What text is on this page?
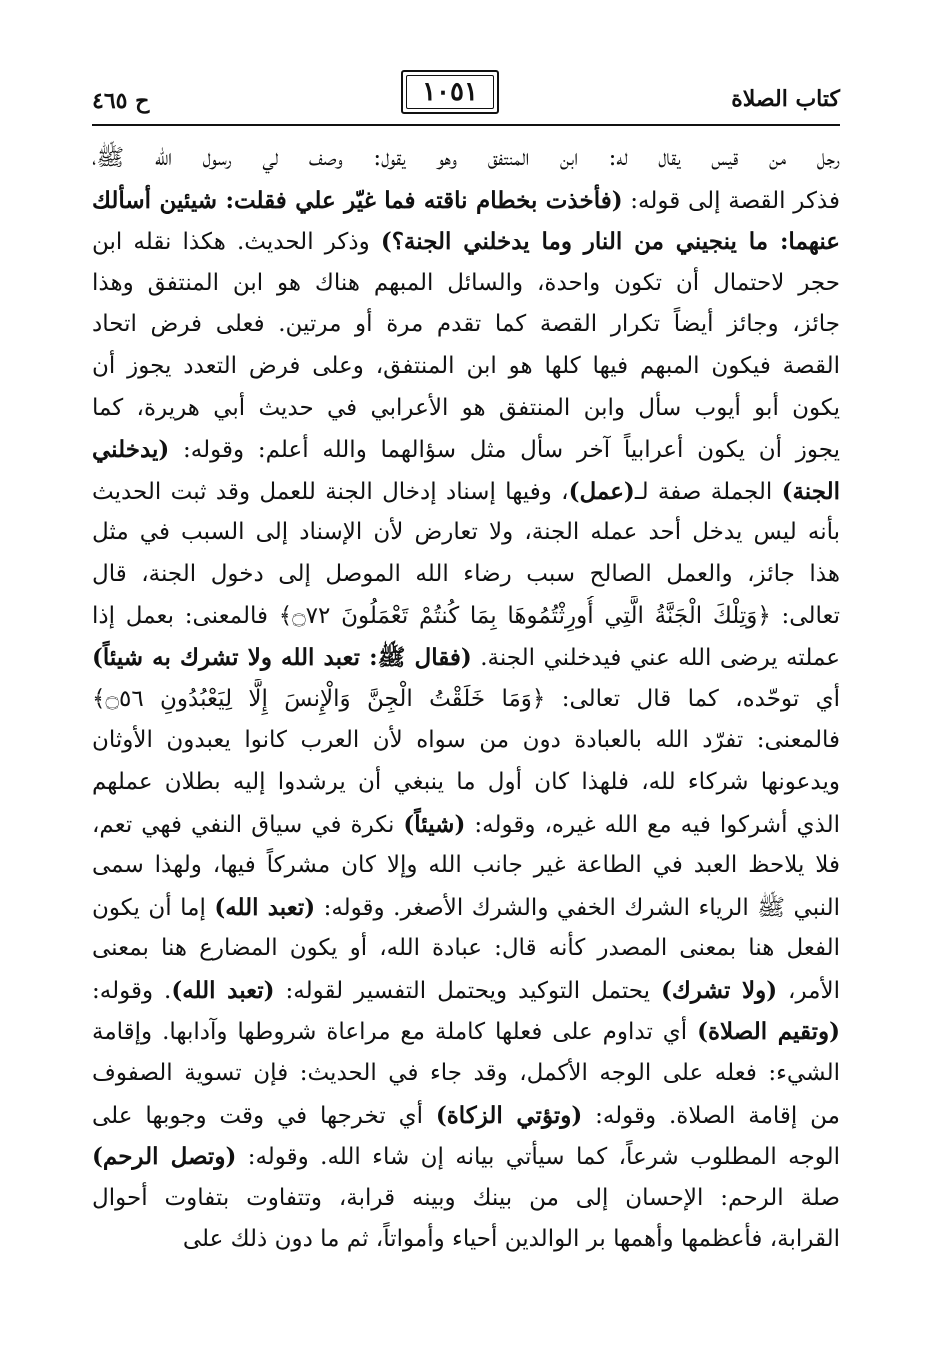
كتاب الصلاة
١٠٥١
ح ٤٦٥
رجل من قيس يقال له: ابن المنتفق وهو يقول: وصف لي رسول الله ﷺ،
فذكر القصة إلى قوله: (فأخذت بخطام ناقته فما غيّر علي فقلت: شيئين أسألك
عنهما: ما ينجيني من النار وما يدخلني الجنة؟) وذكر الحديث. هكذا نقله ابن
حجر لاحتمال أن تكون واحدة، والسائل المبهم هناك هو ابن المنتفق وهذا
جائز، وجائز أيضاً تكرار القصة كما تقدم مرة أو مرتين. فعلى فرض اتحاد
القصة فيكون المبهم فيها كلها هو ابن المنتفق، وعلى فرض التعدد يجوز أن
يكون أبو أيوب سأل وابن المنتفق هو الأعرابي في حديث أبي هريرة، كما
يجوز أن يكون أعرابياً آخر سأل مثل سؤالهما والله أعلم: وقوله: (يدخلني
الجنة) الجملة صفة لـ(عمل)، وفيها إسناد إدخال الجنة للعمل وقد ثبت الحديث
بأنه ليس يدخل أحد عمله الجنة، ولا تعارض لأن الإسناد إلى السبب في مثل
هذا جائز، والعمل الصالح سبب رضاء الله الموصل إلى دخول الجنة، قال
تعالى: ﴿وَتِلْكَ الْجَنَّةُ الَّتِي أُورِثْتُمُوهَا بِمَا كُنتُمْ تَعْمَلُونَ ۝٧٢﴾ فالمعنى: بعمل إذا
عملته يرضى الله عني فيدخلني الجنة. (فقال ﷺ: تعبد الله ولا تشرك به شيئاً)
أي توحّده، كما قال تعالى: ﴿وَمَا خَلَقْتُ الْجِنَّ وَالْإِنسَ إِلَّا لِيَعْبُدُونِ ۝٥٦﴾
فالمعنى: تفرّد الله بالعبادة دون من سواه لأن العرب كانوا يعبدون الأوثان
ويدعونها شركاء لله، فلهذا كان أول ما ينبغي أن يرشدوا إليه بطلان عملهم
الذي أشركوا فيه مع الله غيره، وقوله: (شيئاً) نكرة في سياق النفي فهي تعم،
فلا يلاحظ العبد في الطاعة غير جانب الله وإلا كان مشركاً فيها، ولهذا سمى
النبي ﷺ الرياء الشرك الخفي والشرك الأصغر. وقوله: (تعبد الله) إما أن يكون
الفعل هنا بمعنى المصدر كأنه قال: عبادة الله، أو يكون المضارع هنا بمعنى
الأمر، (ولا تشرك) يحتمل التوكيد ويحتمل التفسير لقوله: (تعبد الله). وقوله:
(وتقيم الصلاة) أي تداوم على فعلها كاملة مع مراعاة شروطها وآدابها. وإقامة
الشيء: فعله على الوجه الأكمل، وقد جاء في الحديث: فإن تسوية الصفوف
من إقامة الصلاة. وقوله: (وتؤتي الزكاة) أي تخرجها في وقت وجوبها على
الوجه المطلوب شرعاً، كما سيأتي بيانه إن شاء الله. وقوله: (وتصل الرحم)
صلة الرحم: الإحسان إلى من بينك وبينه قرابة، وتتفاوت بتفاوت أحوال
القرابة، فأعظمها وأهمها بر الوالدين أحياء وأمواتاً، ثم ما دون ذلك على
